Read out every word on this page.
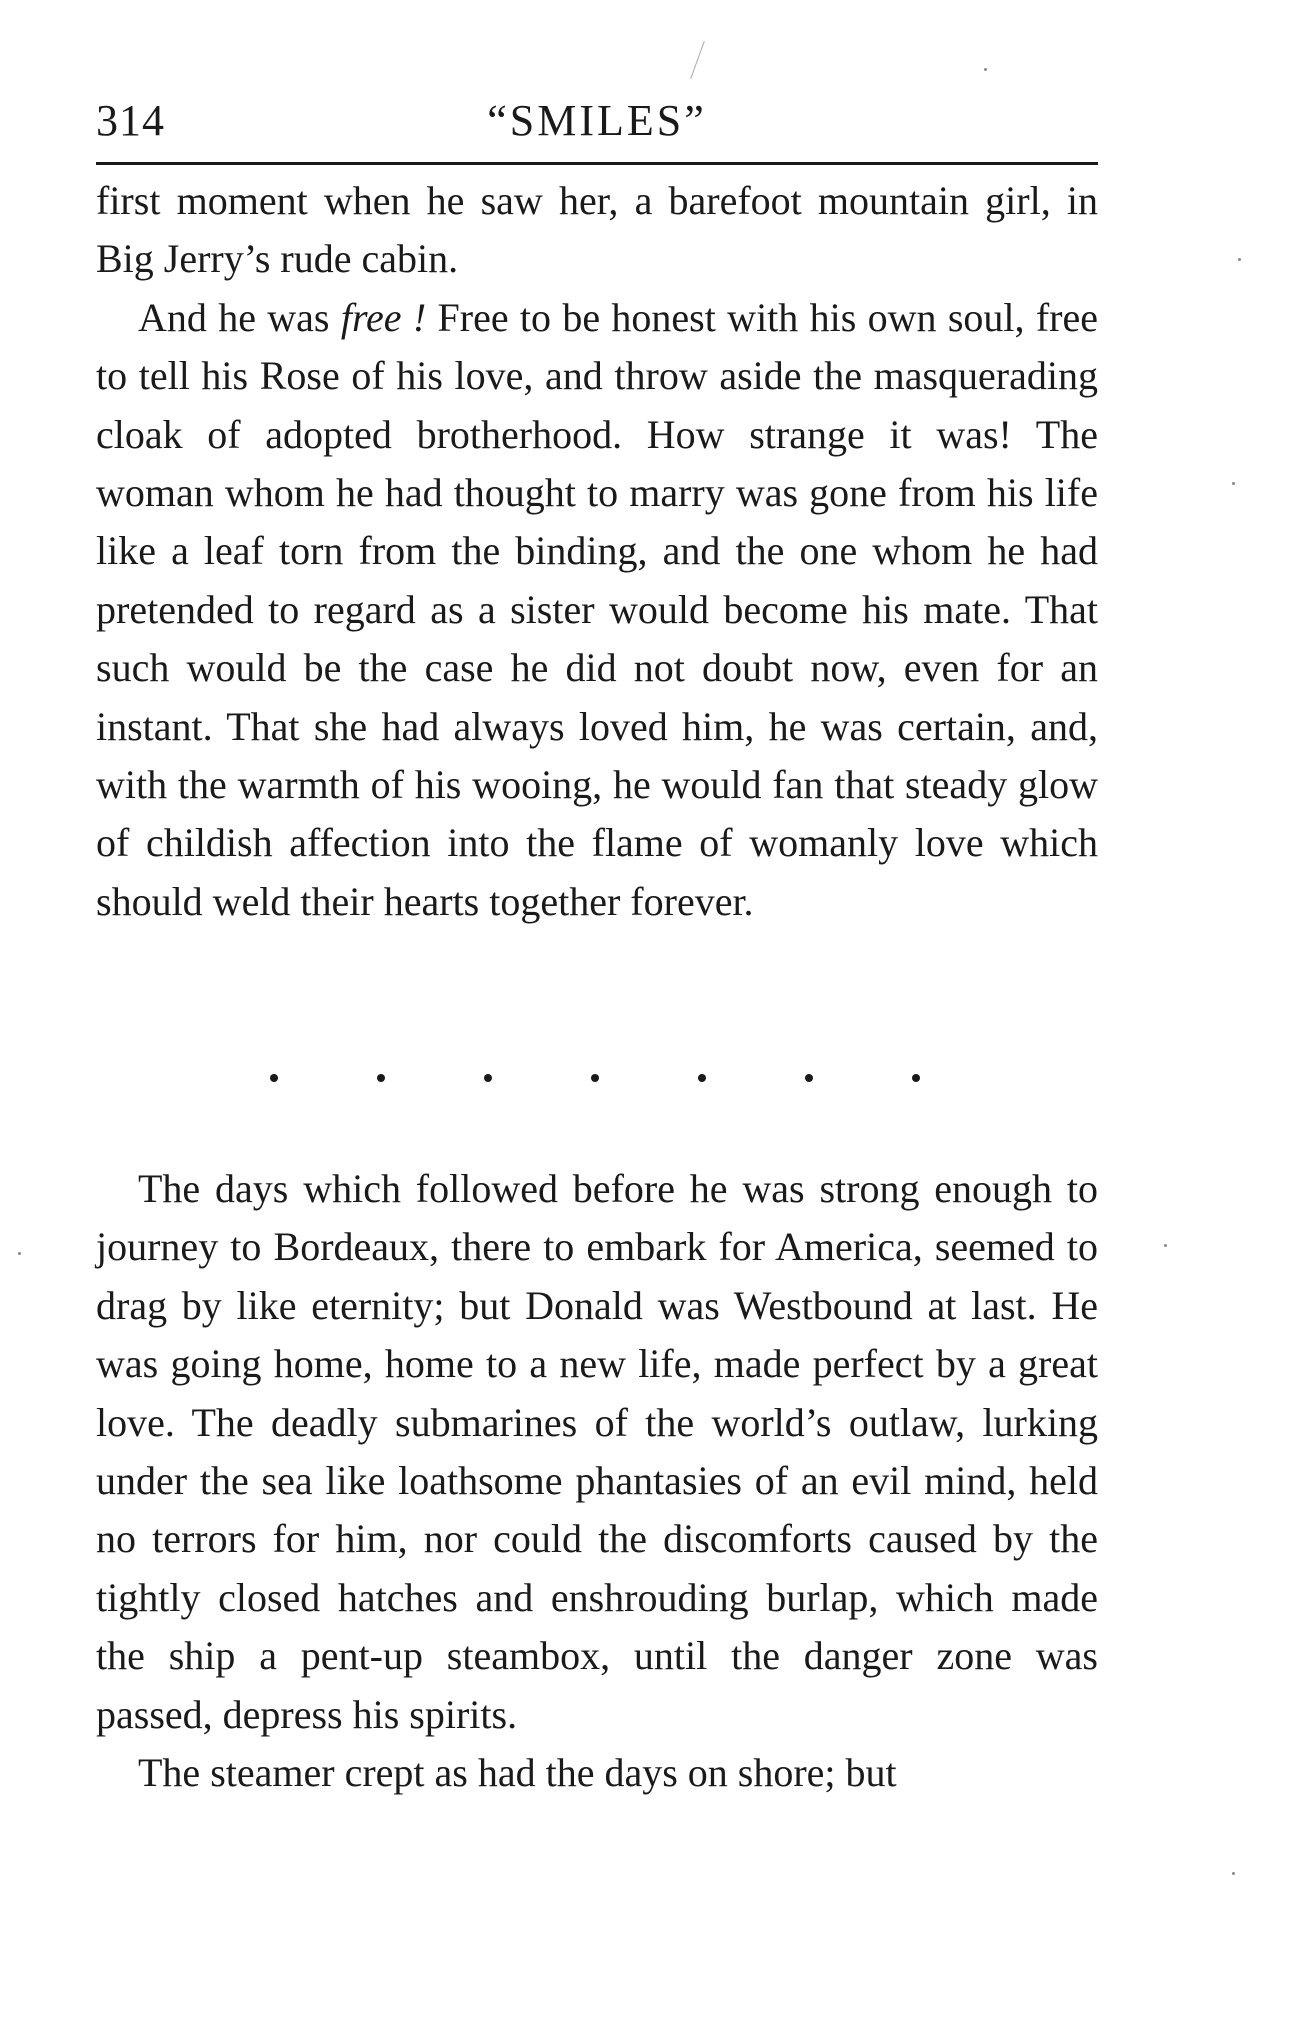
314	“SMILES”

first moment when he saw her, a barefoot mountain girl, in Big Jerry’s rude cabin.

And he was free ! Free to be honest with his own soul, free to tell his Rose of his love, and throw aside the masquerading cloak of adopted brotherhood. How strange it was! The woman whom he had thought to marry was gone from his life like a leaf torn from the binding, and the one whom he had pretended to regard as a sister would become his mate. That such would be the case he did not doubt now, even for an instant. That she had always loved him, he was certain, and, with the warmth of his wooing, he would fan that steady glow of childish affection into the flame of womanly love which should weld their hearts together forever.

The days which followed before he was strong enough to journey to Bordeaux, there to embark for America, seemed to drag by like eternity; but Donald was Westbound at last. He was going home, home to a new life, made perfect by a great love. The deadly submarines of the world’s outlaw, lurking under the sea like loathsome phantasies of an evil mind, held no terrors for him, nor could the discomforts caused by the tightly closed hatches and enshrouding burlap, which made the ship a pent-up steambox, until the danger zone was passed, depress his spirits.

The steamer crept as had the days on shore; but
